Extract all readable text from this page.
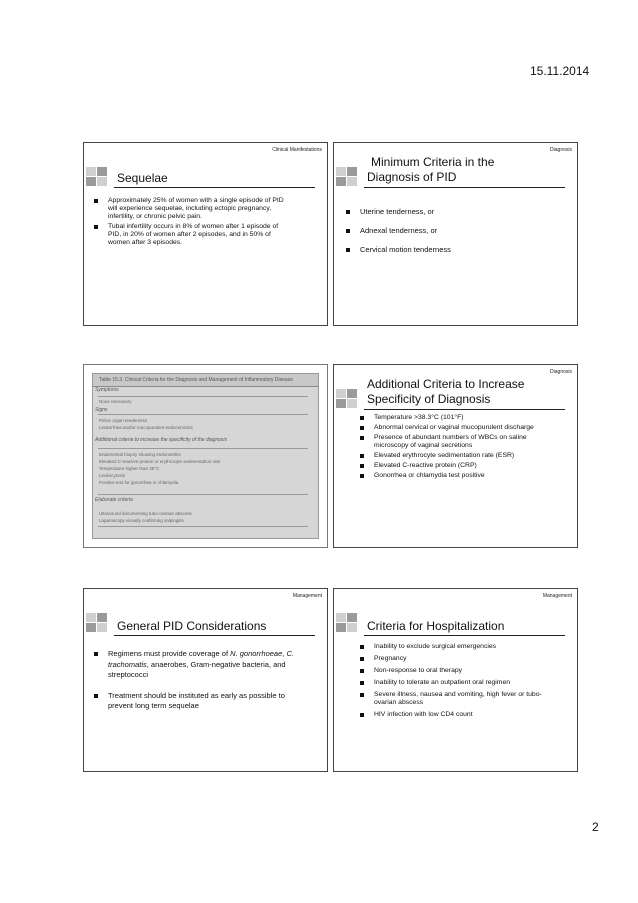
15.11.2014
Clinical Manifestations
Sequelae
Approximately 25% of women with a single episode of PID will experience sequelae, including ectopic pregnancy, infertility, or chronic pelvic pain.
Tubal infertility occurs in 8% of women after 1 episode of PID, in 20% of women after 2 episodes, and in 50% of women after 3 episodes.
Diagnosis
Minimum Criteria in the
Diagnosis of PID
Uterine tenderness, or
Adnexal tenderness, or
Cervical motion tenderness
Table 15.3. Clinical Criteria for the Diagnosis and Management of Inflammatory Disease
Symptoms
None necessary
Signs
Pelvic organ tenderness
Leukorrhea and/or mucopurulent endocervicitis
Additional criteria to increase the specificity of the diagnosis
Endometrial biopsy showing endometritis
Elevated C-reactive protein or erythrocyte sedimentation rate
Temperature higher than 38°C
Leukocytosis
Positive test for gonorrhea or chlamydia
Elaborate criteria
Ultrasound documenting tubo-ovarian abscess
Laparoscopy visually confirming salpingitis
Diagnosis
Additional Criteria to Increase
Specificity of Diagnosis
Temperature >38.3°C (101°F)
Abnormal cervical or vaginal mucopurulent discharge
Presence of abundant numbers of WBCs on saline microscopy of vaginal secretions
Elevated erythrocyte sedimentation rate (ESR)
Elevated C-reactive protein (CRP)
Gonorrhea or chlamydia test positive
Management
General PID Considerations
Regimens must provide coverage of N. gonorrhoeae, C. trachomatis, anaerobes, Gram-negative bacteria, and streptococci
Treatment should be instituted as early as possible to prevent long term sequelae
Management
Criteria for Hospitalization
Inability to exclude surgical emergencies
Pregnancy
Non-response to oral therapy
Inability to tolerate an outpatient oral regimen
Severe illness, nausea and vomiting, high fever or tubo-ovarian abscess
HIV infection with low CD4 count
2
